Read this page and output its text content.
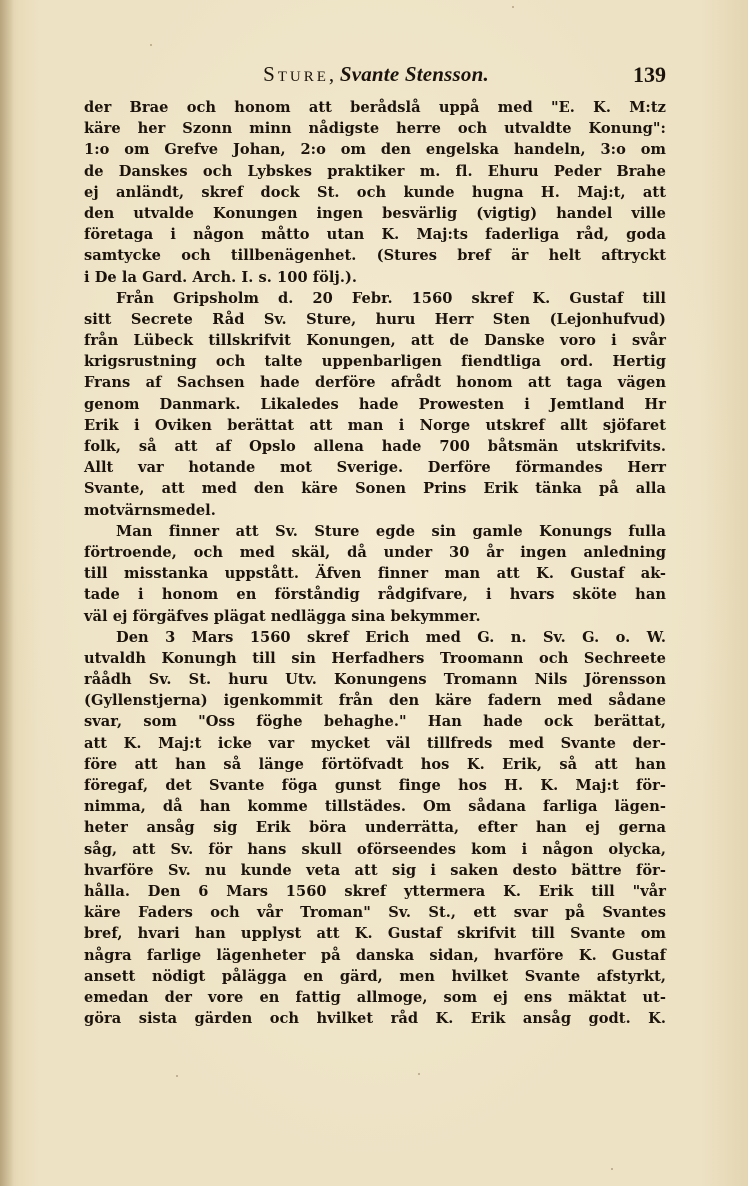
Sture, Svante Stensson.	139
der Brae och honom att berådslå uppå med "E. K. M:tz
käre her Szonn minn nådigste herre och utvaldte Konung":
1:o om Grefve Johan, 2:o om den engelska handeln, 3:o om
de Danskes och Lybskes praktiker m. fl. Ehuru Peder Brahe
ej anländt, skref dock St. och kunde hugna H. Maj:t, att
den utvalde Konungen ingen besvärlig (vigtig) handel ville
företaga i någon måtto utan K. Maj:ts faderliga råd, goda
samtycke och tillbenägenhet. (Stures bref är helt aftryckt
i De la Gard. Arch. I. s. 100 följ.).
Från Gripsholm d. 20 Febr. 1560 skref K. Gustaf till
sitt Secrete Råd Sv. Sture, huru Herr Sten (Lejonhufvud)
från Lübeck tillskrifvit Konungen, att de Danske voro i svår
krigsrustning och talte uppenbarligen fiendtliga ord. Hertig
Frans af Sachsen hade derföre afrådt honom att taga vägen
genom Danmark. Likaledes hade Prowesten i Jemtland Hr
Erik i Oviken berättat att man i Norge utskref allt sjöfaret
folk, så att af Opslo allena hade 700 båtsmän utskrifvits.
Allt var hotande mot Sverige. Derföre förmandes Herr
Svante, att med den käre Sonen Prins Erik tänka på alla
motvärnsmedel.
Man finner att Sv. Sture egde sin gamle Konungs fulla
förtroende, och med skäl, då under 30 år ingen anledning
till misstanka uppstått. Äfven finner man att K. Gustaf ak-
tade i honom en förståndig rådgifvare, i hvars sköte han
väl ej förgäfves plägat nedlägga sina bekymmer.
Den 3 Mars 1560 skref Erich med G. n. Sv. G. o. W.
utvaldh Konungh till sin Herfadhers Troomann och Sechreete
råådh Sv. St. huru Utv. Konungens Tromann Nils Jörensson
(Gyllenstjerna) igenkommit från den käre fadern med sådane
svar, som "Oss föghe behaghe." Han hade ock berättat,
att K. Maj:t icke var mycket väl tillfreds med Svante der-
före att han så länge förtöfvadt hos K. Erik, så att han
föregaf, det Svante föga gunst finge hos H. K. Maj:t för-
nimma, då han komme tillstädes. Om sådana farliga lägen-
heter ansåg sig Erik böra underrätta, efter han ej gerna
såg, att Sv. för hans skull oförseendes kom i någon olycka,
hvarföre Sv. nu kunde veta att sig i saken desto bättre för-
hålla. Den 6 Mars 1560 skref yttermera K. Erik till "vår
käre Faders och vår Troman" Sv. St., ett svar på Svantes
bref, hvari han upplyst att K. Gustaf skrifvit till Svante om
några farlige lägenheter på danska sidan, hvarföre K. Gustaf
ansett nödigt pålägga en gärd, men hvilket Svante afstyrkt,
emedan der vore en fattig allmoge, som ej ens mäktat ut-
göra sista gärden och hvilket råd K. Erik ansåg godt. K.
